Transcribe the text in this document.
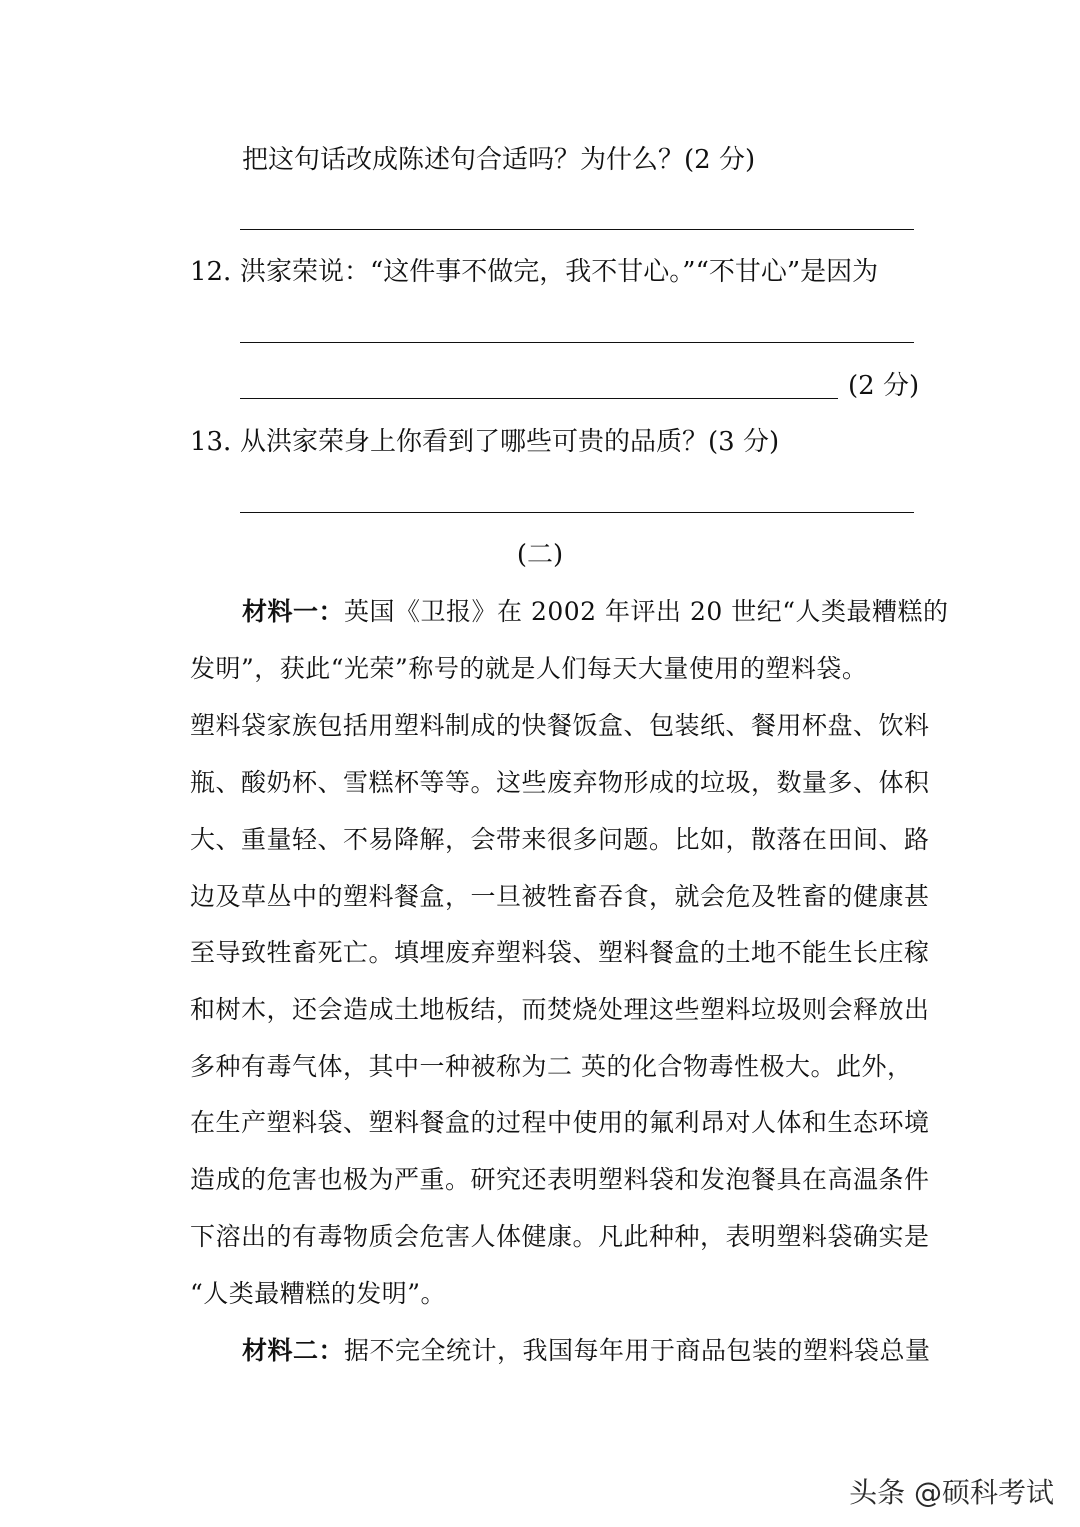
把这句话改成陈述句合适吗？为什么？(2 分)
12．
洪家荣说：“这件事不做完，我不甘心。”“不甘心”是因为
(2 分)
13．
从洪家荣身上你看到了哪些可贵的品质？(3 分)
(二)
材料一：英国《卫报》在 2002 年评出 20 世纪“人类最糟糕的
发明”，获此“光荣”称号的就是人们每天大量使用的塑料袋。
塑料袋家族包括用塑料制成的快餐饭盒、包装纸、餐用杯盘、饮料
瓶、酸奶杯、雪糕杯等等。这些废弃物形成的垃圾，数量多、体积
大、重量轻、不易降解，会带来很多问题。比如，散落在田间、路
边及草丛中的塑料餐盒，一旦被牲畜吞食，就会危及牲畜的健康甚
至导致牲畜死亡。填埋废弃塑料袋、塑料餐盒的土地不能生长庄稼
和树木，还会造成土地板结，而焚烧处理这些塑料垃圾则会释放出
多种有毒气体，其中一种被称为二 英的化合物毒性极大。此外，
在生产塑料袋、塑料餐盒的过程中使用的氟利昂对人体和生态环境
造成的危害也极为严重。研究还表明塑料袋和发泡餐具在高温条件
下溶出的有毒物质会危害人体健康。凡此种种，表明塑料袋确实是
“人类最糟糕的发明”。
材料二：据不完全统计，我国每年用于商品包装的塑料袋总量
头条 @硕科考试
